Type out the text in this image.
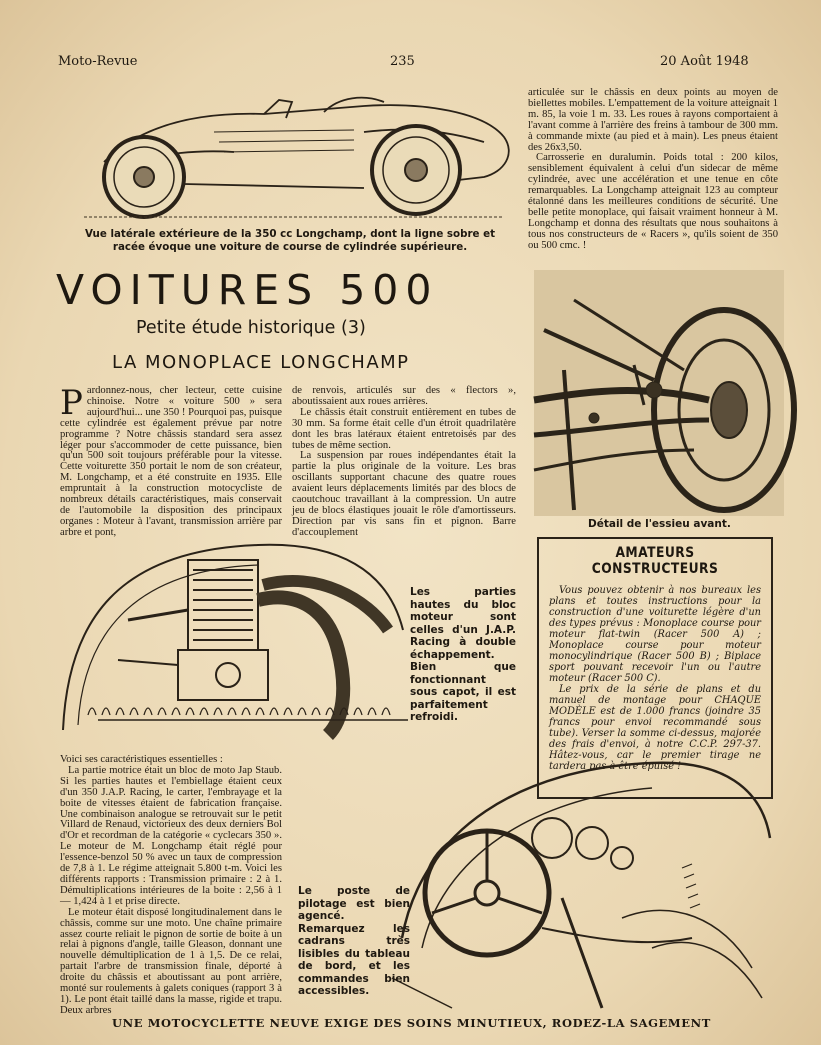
Moto-Revue	235	20 Août 1948
Vue latérale extérieure de la 350 cc Longchamp, dont la ligne sobre et racée évoque une voiture de course de cylindrée supérieure.

articulée sur le châssis en deux points au moyen de biellettes mobiles. L'empattement de la voiture atteignait 1 m. 85, la voie 1 m. 33. Les roues à rayons comportaient à l'avant comme à l'arrière des freins à tambour de 300 mm. à commande mixte (au pied et à main). Les pneus étaient des 26x3,50.

Carrosserie en duralumin. Poids total : 200 kilos, sensiblement équivalent à celui d'un sidecar de même cylindrée, avec une accélération et une tenue en côte remarquables. La Longchamp atteignait 123 au compteur étalonné dans les meilleures conditions de sécurité. Une belle petite monoplace, qui faisait vraiment honneur à M. Longchamp et donna des résultats que nous souhaitons à tous nos constructeurs de « Racers », qu'ils soient de 350 ou 500 cmc. !

VOITURES 500
Petite étude historique (3)
LA MONOPLACE LONGCHAMP
Détail de l'essieu avant.
P ardonnez-nous, cher lecteur, cette cuisine chinoise. Notre « voiture 500 » sera aujourd'hui... une 350 ! Pourquoi pas, puisque cette cylindrée est également prévue par notre programme ? Notre châssis standard sera assez léger pour s'accommoder de cette puissance, bien qu'un 500 soit toujours préférable pour la vitesse. Cette voiturette 350 portait le nom de son créateur, M. Longchamp, et a été construite en 1935. Elle empruntait à la construction motocycliste de nombreux détails caractéristiques, mais conservait de l'automobile la disposition des principaux organes : Moteur à l'avant, transmission arrière par arbre et pont,

de renvois, articulés sur des « flectors », aboutissaient aux roues arrières.

Le châssis était construit entièrement en tubes de 30 mm. Sa forme était celle d'un étroit quadrilatère dont les bras latéraux étaient entretoisés par des tubes de même section.

La suspension par roues indépendantes était la partie la plus originale de la voiture. Les bras oscillants supportant chacune des quatre roues avaient leurs déplacements limités par des blocs de caoutchouc travaillant à la compression. Un autre jeu de blocs élastiques jouait le rôle d'amortisseurs. Direction par vis sans fin et pignon. Barre d'accouplement

Les parties hautes du bloc moteur sont celles d'un J.A.P. Racing à double échappement. Bien que fonctionnant sous capot, il est parfaitement refroidi.
AMATEURS CONSTRUCTEURS

Vous pouvez obtenir à nos bureaux les plans et toutes instructions pour la construction d'une voiturette légère d'un des types prévus : Monoplace course pour moteur flat-twin (Racer 500 A) ; Monoplace course pour moteur monocylindrique (Racer 500 B) ; Biplace sport pouvant recevoir l'un ou l'autre moteur (Racer 500 C).

Le prix de la série de plans et du manuel de montage pour CHAQUE MODÈLE est de 1.000 francs (joindre 35 francs pour envoi recommandé sous tube). Verser la somme ci-dessus, majorée des frais d'envoi, à notre C.C.P. 297-37. Hâtez-vous, car le premier tirage ne tardera pas à être épuisé !

Voici ses caractéristiques essentielles :

La partie motrice était un bloc de moto Jap Staub. Si les parties hautes et l'embiellage étaient ceux d'un 350 J.A.P. Racing, le carter, l'embrayage et la boite de vitesses étaient de fabrication française. Une combinaison analogue se retrouvait sur le petit Villard de Renaud, victorieux des deux derniers Bol d'Or et recordman de la catégorie « cyclecars 350 ». Le moteur de M. Longchamp était réglé pour l'essence-benzol 50 % avec un taux de compression de 7,8 à 1. Le régime atteignait 5.800 t-m. Voici les différents rapports : Transmission primaire : 2 à 1. Démultiplications intérieures de la boite : 2,56 à 1 — 1,424 à 1 et prise directe.

Le moteur était disposé longitudinalement dans le châssis, comme sur une moto. Une chaîne primaire assez courte reliait le pignon de sortie de boite à un relai à pignons d'angle, taille Gleason, donnant une nouvelle démultiplication de 1 à 1,5. De ce relai, partait l'arbre de transmission finale, déporté à droite du châssis et aboutissant au pont arrière, monté sur roulements à galets coniques (rapport 3 à 1). Le pont était taillé dans la masse, rigide et trapu. Deux arbres

Le poste de pilotage est bien agencé. Remarquez les cadrans très lisibles du tableau de bord, et les commandes bien accessibles.
UNE MOTOCYCLETTE NEUVE EXIGE DES SOINS MINUTIEUX, RODEZ-LA SAGEMENT
